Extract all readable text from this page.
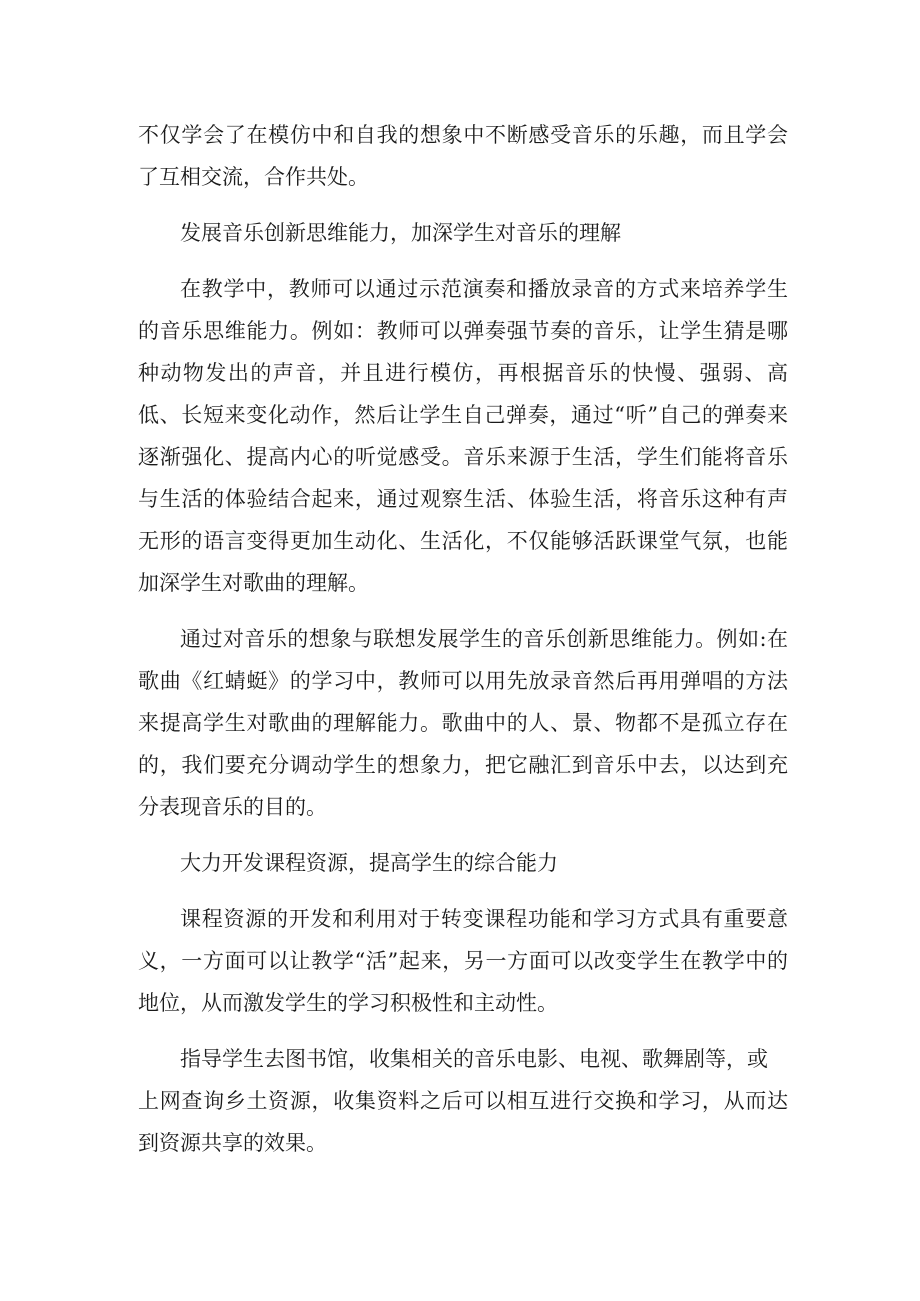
不仅学会了在模仿中和自我的想象中不断感受音乐的乐趣，而且学会了互相交流，合作共处。

发展音乐创新思维能力，加深学生对音乐的理解

在教学中，教师可以通过示范演奏和播放录音的方式来培养学生的音乐思维能力。例如：教师可以弹奏强节奏的音乐，让学生猜是哪种动物发出的声音，并且进行模仿，再根据音乐的快慢、强弱、高低、长短来变化动作，然后让学生自己弹奏，通过“听”自己的弹奏来逐渐强化、提高内心的听觉感受。音乐来源于生活，学生们能将音乐与生活的体验结合起来，通过观察生活、体验生活，将音乐这种有声无形的语言变得更加生动化、生活化，不仅能够活跃课堂气氛，也能加深学生对歌曲的理解。

通过对音乐的想象与联想发展学生的音乐创新思维能力。例如:在歌曲《红蜻蜓》的学习中，教师可以用先放录音然后再用弹唱的方法来提高学生对歌曲的理解能力。歌曲中的人、景、物都不是孤立存在的，我们要充分调动学生的想象力，把它融汇到音乐中去，以达到充分表现音乐的目的。

大力开发课程资源，提高学生的综合能力

课程资源的开发和利用对于转变课程功能和学习方式具有重要意义，一方面可以让教学“活”起来，另一方面可以改变学生在教学中的地位，从而激发学生的学习积极性和主动性。

指导学生去图书馆，收集相关的音乐电影、电视、歌舞剧等，或
上网查询乡土资源，收集资料之后可以相互进行交换和学习，从而达到资源共享的效果。
